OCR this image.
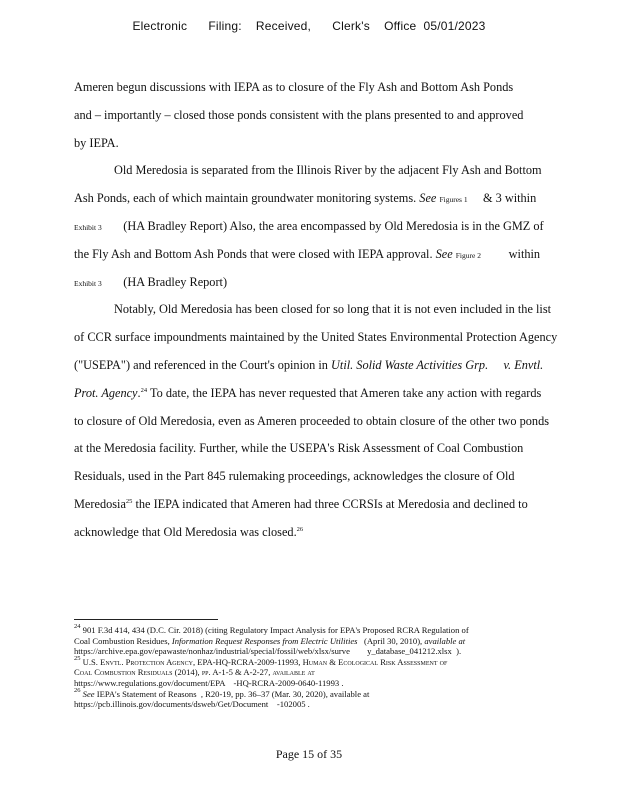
Electronic      Filing:    Received,      Clerk's    Office  05/01/2023
Ameren begun discussions with IEPA as to closure of the Fly Ash and Bottom Ash Ponds
and – importantly – closed those ponds consistent with the plans presented to and approved
by IEPA.
Old Meredosia is separated from the Illinois River by the adjacent Fly Ash and Bottom
Ash Ponds, each of which maintain groundwater monitoring systems. See Figures 1 & 3 within
Exhibit 3 (HA Bradley Report) Also, the area encompassed by Old Meredosia is in the GMZ of
the Fly Ash and Bottom Ash Ponds that were closed with IEPA approval. See Figure 2 within
Exhibit 3 (HA Bradley Report)
Notably, Old Meredosia has been closed for so long that it is not even included in the list
of CCR surface impoundments maintained by the United States Environmental Protection Agency
("USEPA") and referenced in the Court's opinion in Util. Solid Waste Activities Grp.     v. Envtl.
Prot. Agency.$^{24}$ To date, the IEPA has never requested that Ameren take any action with regards
to closure of Old Meredosia, even as Ameren proceeded to obtain closure of the other two ponds
at the Meredosia facility. Further, while the USEPA's Risk Assessment of Coal Combustion
Residuals, used in the Part 845 rulemaking proceedings, acknowledges the closure of Old
Meredosia$^{25}$ the IEPA indicated that Ameren had three CCRSIs at Meredosia and declined to
acknowledge that Old Meredosia was closed.$^{26}$
$^{24}$ 901 F.3d 414, 434 (D.C. Cir. 2018) (citing Regulatory Impact Analysis for EPA's Proposed RCRA Regulation of
Coal Combustion Residues, Information Request Responses from Electric Utilities (April 30, 2010), available at
https://archive.epa.gov/epawaste/nonhaz/industrial/special/fossil/web/xlsx/surve        y_database_041212.xlsx  ).
$^{25}$ U.S. Envtl. Protection Agency, EPA-HQ-RCRA-2009-11993, Human & Ecological Risk Assessment of
Coal Combustion Residuals (2014), pp. A-1-5 & A-2-27, available at
https://www.regulations.gov/document/EPA    -HQ-RCRA-2009-0640-11993 .
$^{26}$ See IEPA's Statement of Reasons  , R20-19, pp. 36–37 (Mar. 30, 2020), available at
https://pcb.illinois.gov/documents/dsweb/Get/Document    -102005 .
Page 15 of 35
